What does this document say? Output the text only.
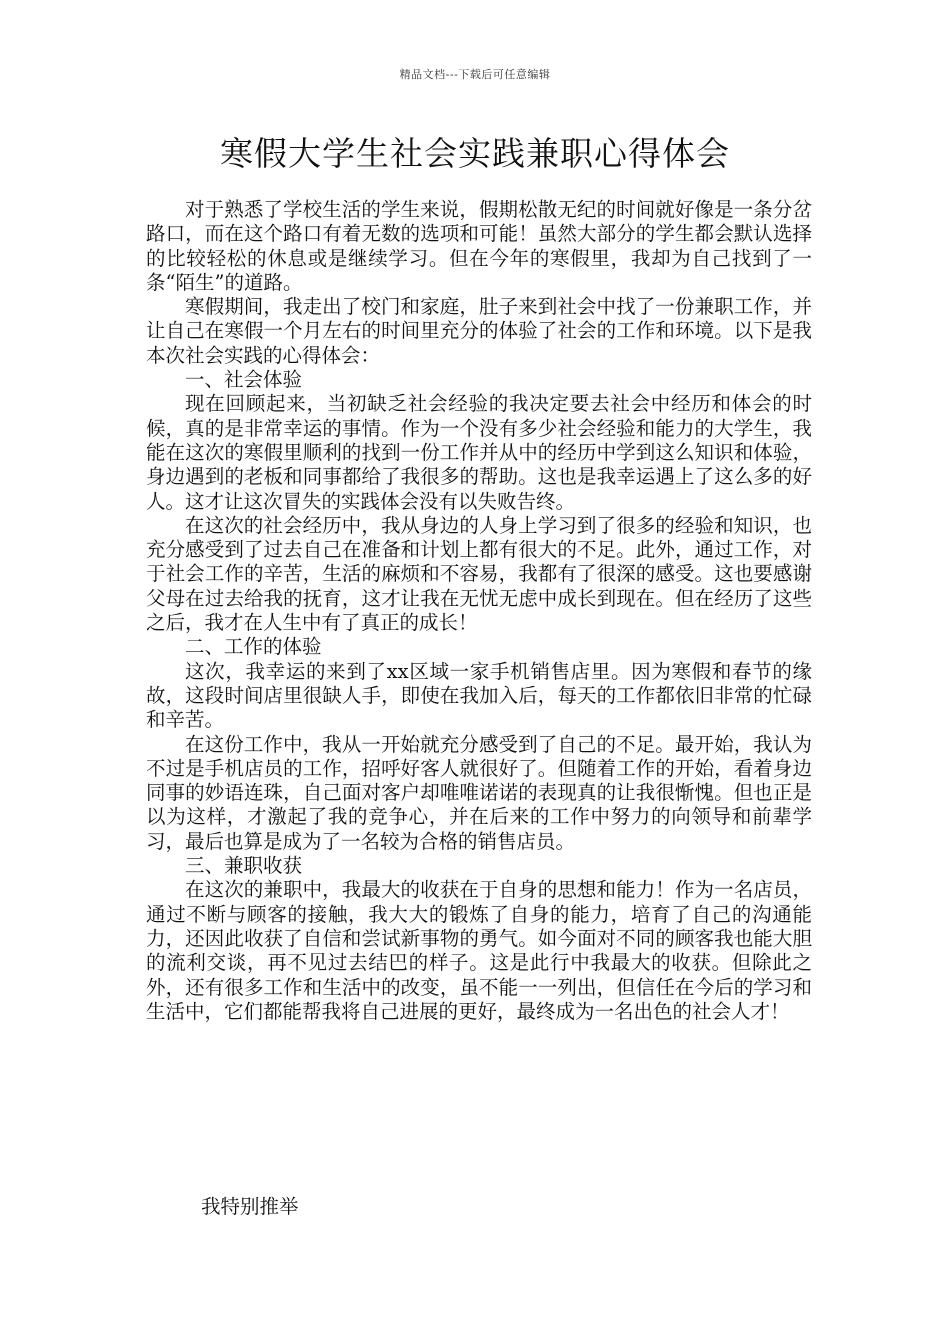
精品文档---下载后可任意编辑
寒假大学生社会实践兼职心得体会

对于熟悉了学校生活的学生来说，假期松散无纪的时间就好像是一条分岔路口，而在这个路口有着无数的选项和可能！虽然大部分的学生都会默认选择的比较轻松的休息或是继续学习。但在今年的寒假里，我却为自己找到了一条“陌生”的道路。

寒假期间，我走出了校门和家庭，肚子来到社会中找了一份兼职工作，并让自己在寒假一个月左右的时间里充分的体验了社会的工作和环境。以下是我本次社会实践的心得体会：

一、社会体验

现在回顾起来，当初缺乏社会经验的我决定要去社会中经历和体会的时候，真的是非常幸运的事情。作为一个没有多少社会经验和能力的大学生，我能在这次的寒假里顺利的找到一份工作并从中的经历中学到这么知识和体验，身边遇到的老板和同事都给了我很多的帮助。这也是我幸运遇上了这么多的好人。这才让这次冒失的实践体会没有以失败告终。

在这次的社会经历中，我从身边的人身上学习到了很多的经验和知识，也充分感受到了过去自己在准备和计划上都有很大的不足。此外，通过工作，对于社会工作的辛苦，生活的麻烦和不容易，我都有了很深的感受。这也要感谢父母在过去给我的抚育，这才让我在无忧无虑中成长到现在。但在经历了这些之后，我才在人生中有了真正的成长！

二、工作的体验

这次，我幸运的来到了xx区域一家手机销售店里。因为寒假和春节的缘故，这段时间店里很缺人手，即使在我加入后，每天的工作都依旧非常的忙碌和辛苦。

在这份工作中，我从一开始就充分感受到了自己的不足。最开始，我认为不过是手机店员的工作，招呼好客人就很好了。但随着工作的开始，看着身边同事的妙语连珠，自己面对客户却唯唯诺诺的表现真的让我很惭愧。但也正是以为这样，才激起了我的竞争心，并在后来的工作中努力的向领导和前辈学习，最后也算是成为了一名较为合格的销售店员。

三、兼职收获

在这次的兼职中，我最大的收获在于自身的思想和能力！作为一名店员，通过不断与顾客的接触，我大大的锻炼了自身的能力，培育了自己的沟通能力，还因此收获了自信和尝试新事物的勇气。如今面对不同的顾客我也能大胆的流利交谈，再不见过去结巴的样子。这是此行中我最大的收获。但除此之外，还有很多工作和生活中的改变，虽不能一一列出，但信任在今后的学习和生活中，它们都能帮我将自己进展的更好，最终成为一名出色的社会人才！

我特别推举
